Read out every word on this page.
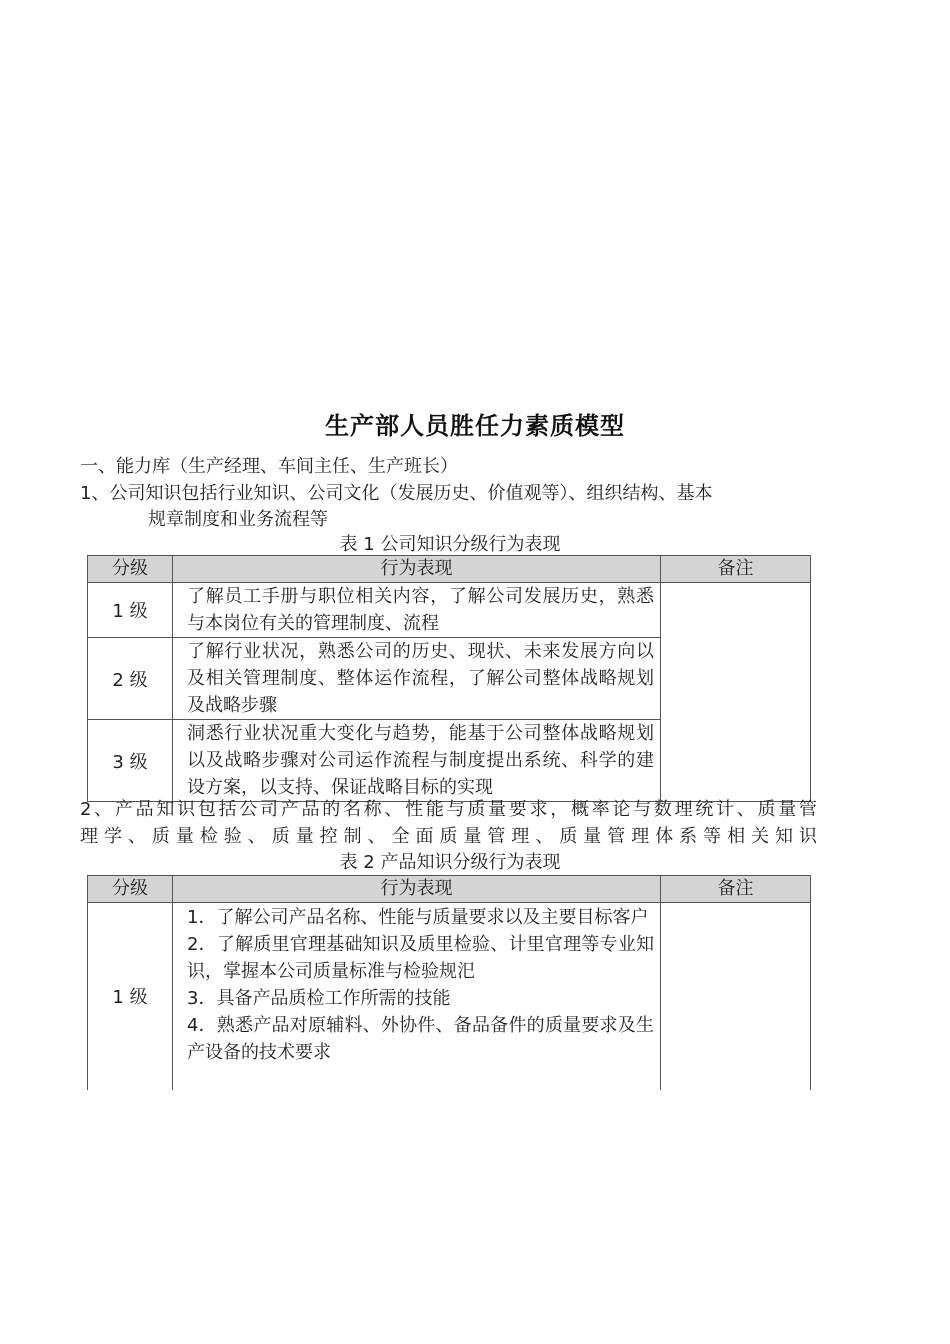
生产部人员胜任力素质模型
一、能力库（生产经理、车间主任、生产班长）
1、公司知识包括行业知识、公司文化（发展历史、价值观等）、组织结构、基本
规章制度和业务流程等
表 1 公司知识分级行为表现
分级	行为表现	备注
1 级	了解员工手册与职位相关内容，了解公司发展历史，熟悉与本岗位有关的管理制度、流程	
2 级	了解行业状况，熟悉公司的历史、现状、未来发展方向以及相关管理制度、整体运作流程，了解公司整体战略规划及战略步骤	
3 级	洞悉行业状况重大变化与趋势，能基于公司整体战略规划以及战略步骤对公司运作流程与制度提出系统、科学的建设方案，以支持、保证战略目标的实现	
2、产品知识包括公司产品的名称、性能与质量要求，概率论与数理统计、质量管
理学、质量检验、质量控制、全面质量管理、质量管理体系等相关知识
表 2 产品知识分级行为表现
分级	行为表现	备注
1 级	1．了解公司产品名称、性能与质量要求以及主要目标客户
2．了解质里官理基础知识及质里检验、计里官理等专业知识，掌握本公司质量标准与检验规汜
3．具备产品质检工作所需的技能
4．熟悉产品对原辅料、外协件、备品备件的质量要求及生产设备的技术要求	
